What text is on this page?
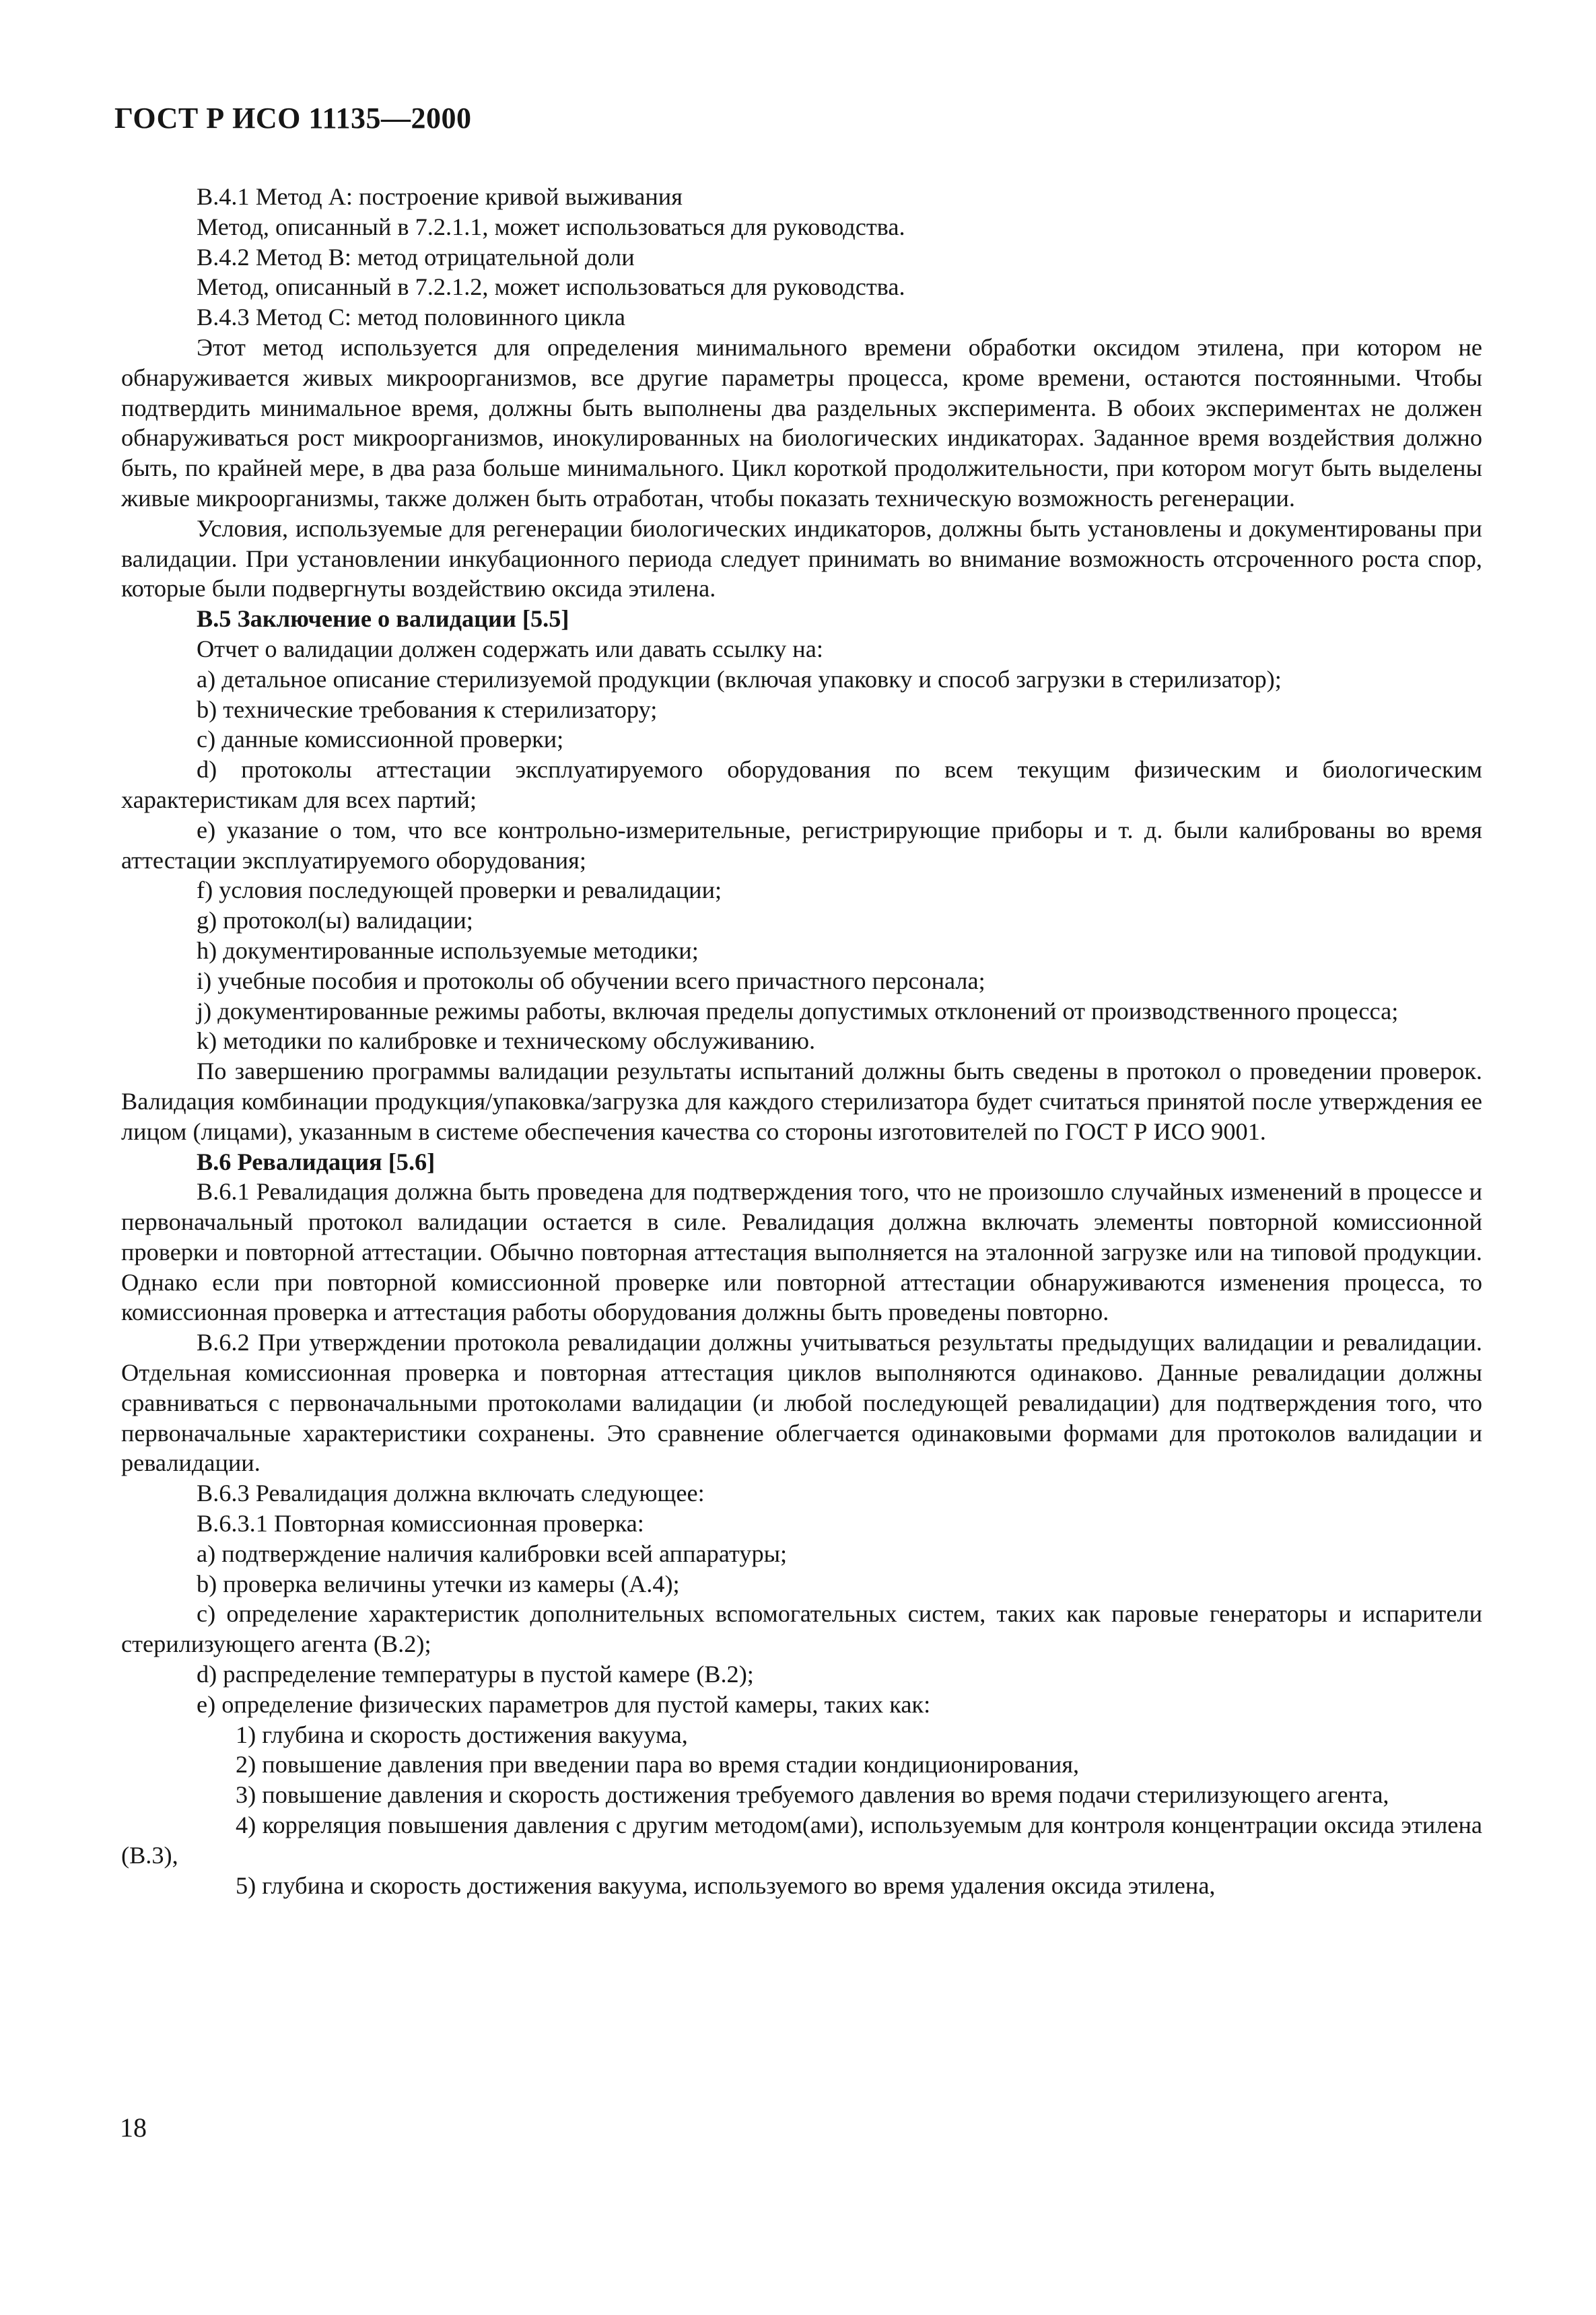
ГОСТ Р ИСО 11135—2000

В.4.1 Метод А: построение кривой выживания

Метод, описанный в 7.2.1.1, может использоваться для руководства.

В.4.2 Метод В: метод отрицательной доли

Метод, описанный в 7.2.1.2, может использоваться для руководства.

В.4.3 Метод С: метод половинного цикла

Этот метод используется для определения минимального времени обработки оксидом этилена, при котором не обнаруживается живых микроорганизмов, все другие параметры процесса, кроме времени, остаются постоянными. Чтобы подтвердить минимальное время, должны быть выполнены два раздельных эксперимента. В обоих экспериментах не должен обнаруживаться рост микроорганизмов, инокулированных на биологических индикаторах. Заданное время воздействия должно быть, по крайней мере, в два раза больше минимального. Цикл короткой продолжительности, при котором могут быть выделены живые микроорганизмы, также должен быть отработан, чтобы показать техническую возможность регенерации.

Условия, используемые для регенерации биологических индикаторов, должны быть установлены и документированы при валидации. При установлении инкубационного периода следует принимать во внимание возможность отсроченного роста спор, которые были подвергнуты воздействию оксида этилена.

В.5 Заключение о валидации [5.5]

Отчет о валидации должен содержать или давать ссылку на:

a) детальное описание стерилизуемой продукции (включая упаковку и способ загрузки в стерилизатор);

b) технические требования к стерилизатору;

c) данные комиссионной проверки;

d) протоколы аттестации эксплуатируемого оборудования по всем текущим физическим и биологическим характеристикам для всех партий;

e) указание о том, что все контрольно-измерительные, регистрирующие приборы и т. д. были калиброваны во время аттестации эксплуатируемого оборудования;

f) условия последующей проверки и ревалидации;

g) протокол(ы) валидации;

h) документированные используемые методики;

i) учебные пособия и протоколы об обучении всего причастного персонала;

j) документированные режимы работы, включая пределы допустимых отклонений от производственного процесса;

k) методики по калибровке и техническому обслуживанию.

По завершению программы валидации результаты испытаний должны быть сведены в протокол о проведении проверок. Валидация комбинации продукция/упаковка/загрузка для каждого стерилизатора будет считаться принятой после утверждения ее лицом (лицами), указанным в системе обеспечения качества со стороны изготовителей по ГОСТ Р ИСО 9001.

В.6 Ревалидация [5.6]

В.6.1 Ревалидация должна быть проведена для подтверждения того, что не произошло случайных изменений в процессе и первоначальный протокол валидации остается в силе. Ревалидация должна включать элементы повторной комиссионной проверки и повторной аттестации. Обычно повторная аттестация выполняется на эталонной загрузке или на типовой продукции. Однако если при повторной комиссионной проверке или повторной аттестации обнаруживаются изменения процесса, то комиссионная проверка и аттестация работы оборудования должны быть проведены повторно.

В.6.2 При утверждении протокола ревалидации должны учитываться результаты предыдущих валидации и ревалидации. Отдельная комиссионная проверка и повторная аттестация циклов выполняются одинаково. Данные ревалидации должны сравниваться с первоначальными протоколами валидации (и любой последующей ревалидации) для подтверждения того, что первоначальные характеристики сохранены. Это сравнение облегчается одинаковыми формами для протоколов валидации и ревалидации.

В.6.3 Ревалидация должна включать следующее:

В.6.3.1 Повторная комиссионная проверка:

a) подтверждение наличия калибровки всей аппаратуры;

b) проверка величины утечки из камеры (А.4);

c) определение характеристик дополнительных вспомогательных систем, таких как паровые генераторы и испарители стерилизующего агента (В.2);

d) распределение температуры в пустой камере (В.2);

e) определение физических параметров для пустой камеры, таких как:

1) глубина и скорость достижения вакуума,

2) повышение давления при введении пара во время стадии кондиционирования,

3) повышение давления и скорость достижения требуемого давления во время подачи стерилизующего агента,

4) корреляция повышения давления с другим методом(ами), используемым для контроля концентрации оксида этилена (В.3),

5) глубина и скорость достижения вакуума, используемого во время удаления оксида этилена,

18
